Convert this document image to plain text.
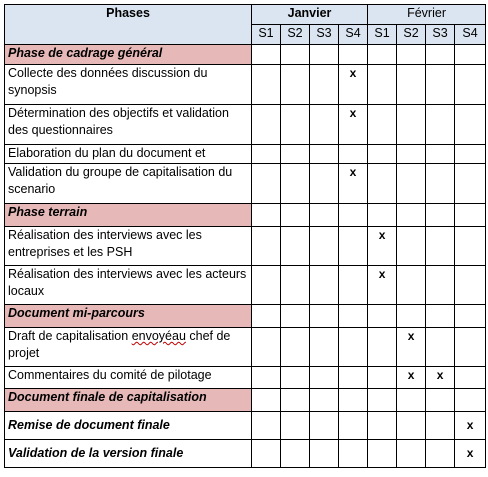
Phases	Janvier				Février			
	S1	S2	S3	S4	S1	S2	S3	S4
Phase de cadrage général								
Collecte des données discussion du synopsis				x				
Détermination des objectifs et validation des questionnaires				x				
Elaboration du plan du document et								
Validation du groupe de capitalisation du scenario				x				
Phase terrain								
Réalisation des interviews avec les entreprises et les PSH					x			
Réalisation des interviews avec les acteurs locaux					x			
Document mi-parcours								
Draft de capitalisation envoyéau chef de projet						x		
Commentaires du comité de pilotage						x	x	
Document finale de capitalisation								
Remise de document finale								x
Validation de la version finale								x
